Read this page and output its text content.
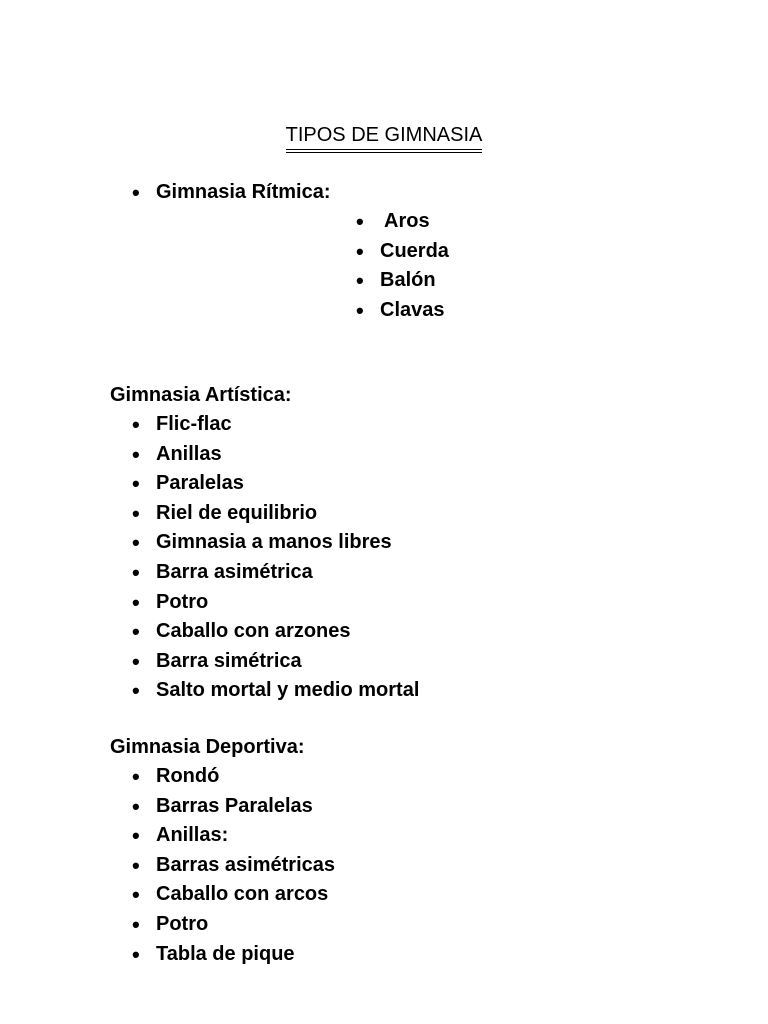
TIPOS DE GIMNASIA
• Gimnasia Rítmica:
• Aros
• Cuerda
• Balón
• Clavas

Gimnasia Artística:

• Flic-flac
• Anillas
• Paralelas
• Riel de equilibrio
• Gimnasia a manos libres
• Barra asimétrica
• Potro
• Caballo con arzones
• Barra simétrica
• Salto mortal y medio mortal

Gimnasia Deportiva:

• Rondó
• Barras Paralelas
• Anillas:
• Barras asimétricas
• Caballo con arcos
• Potro
• Tabla de pique
